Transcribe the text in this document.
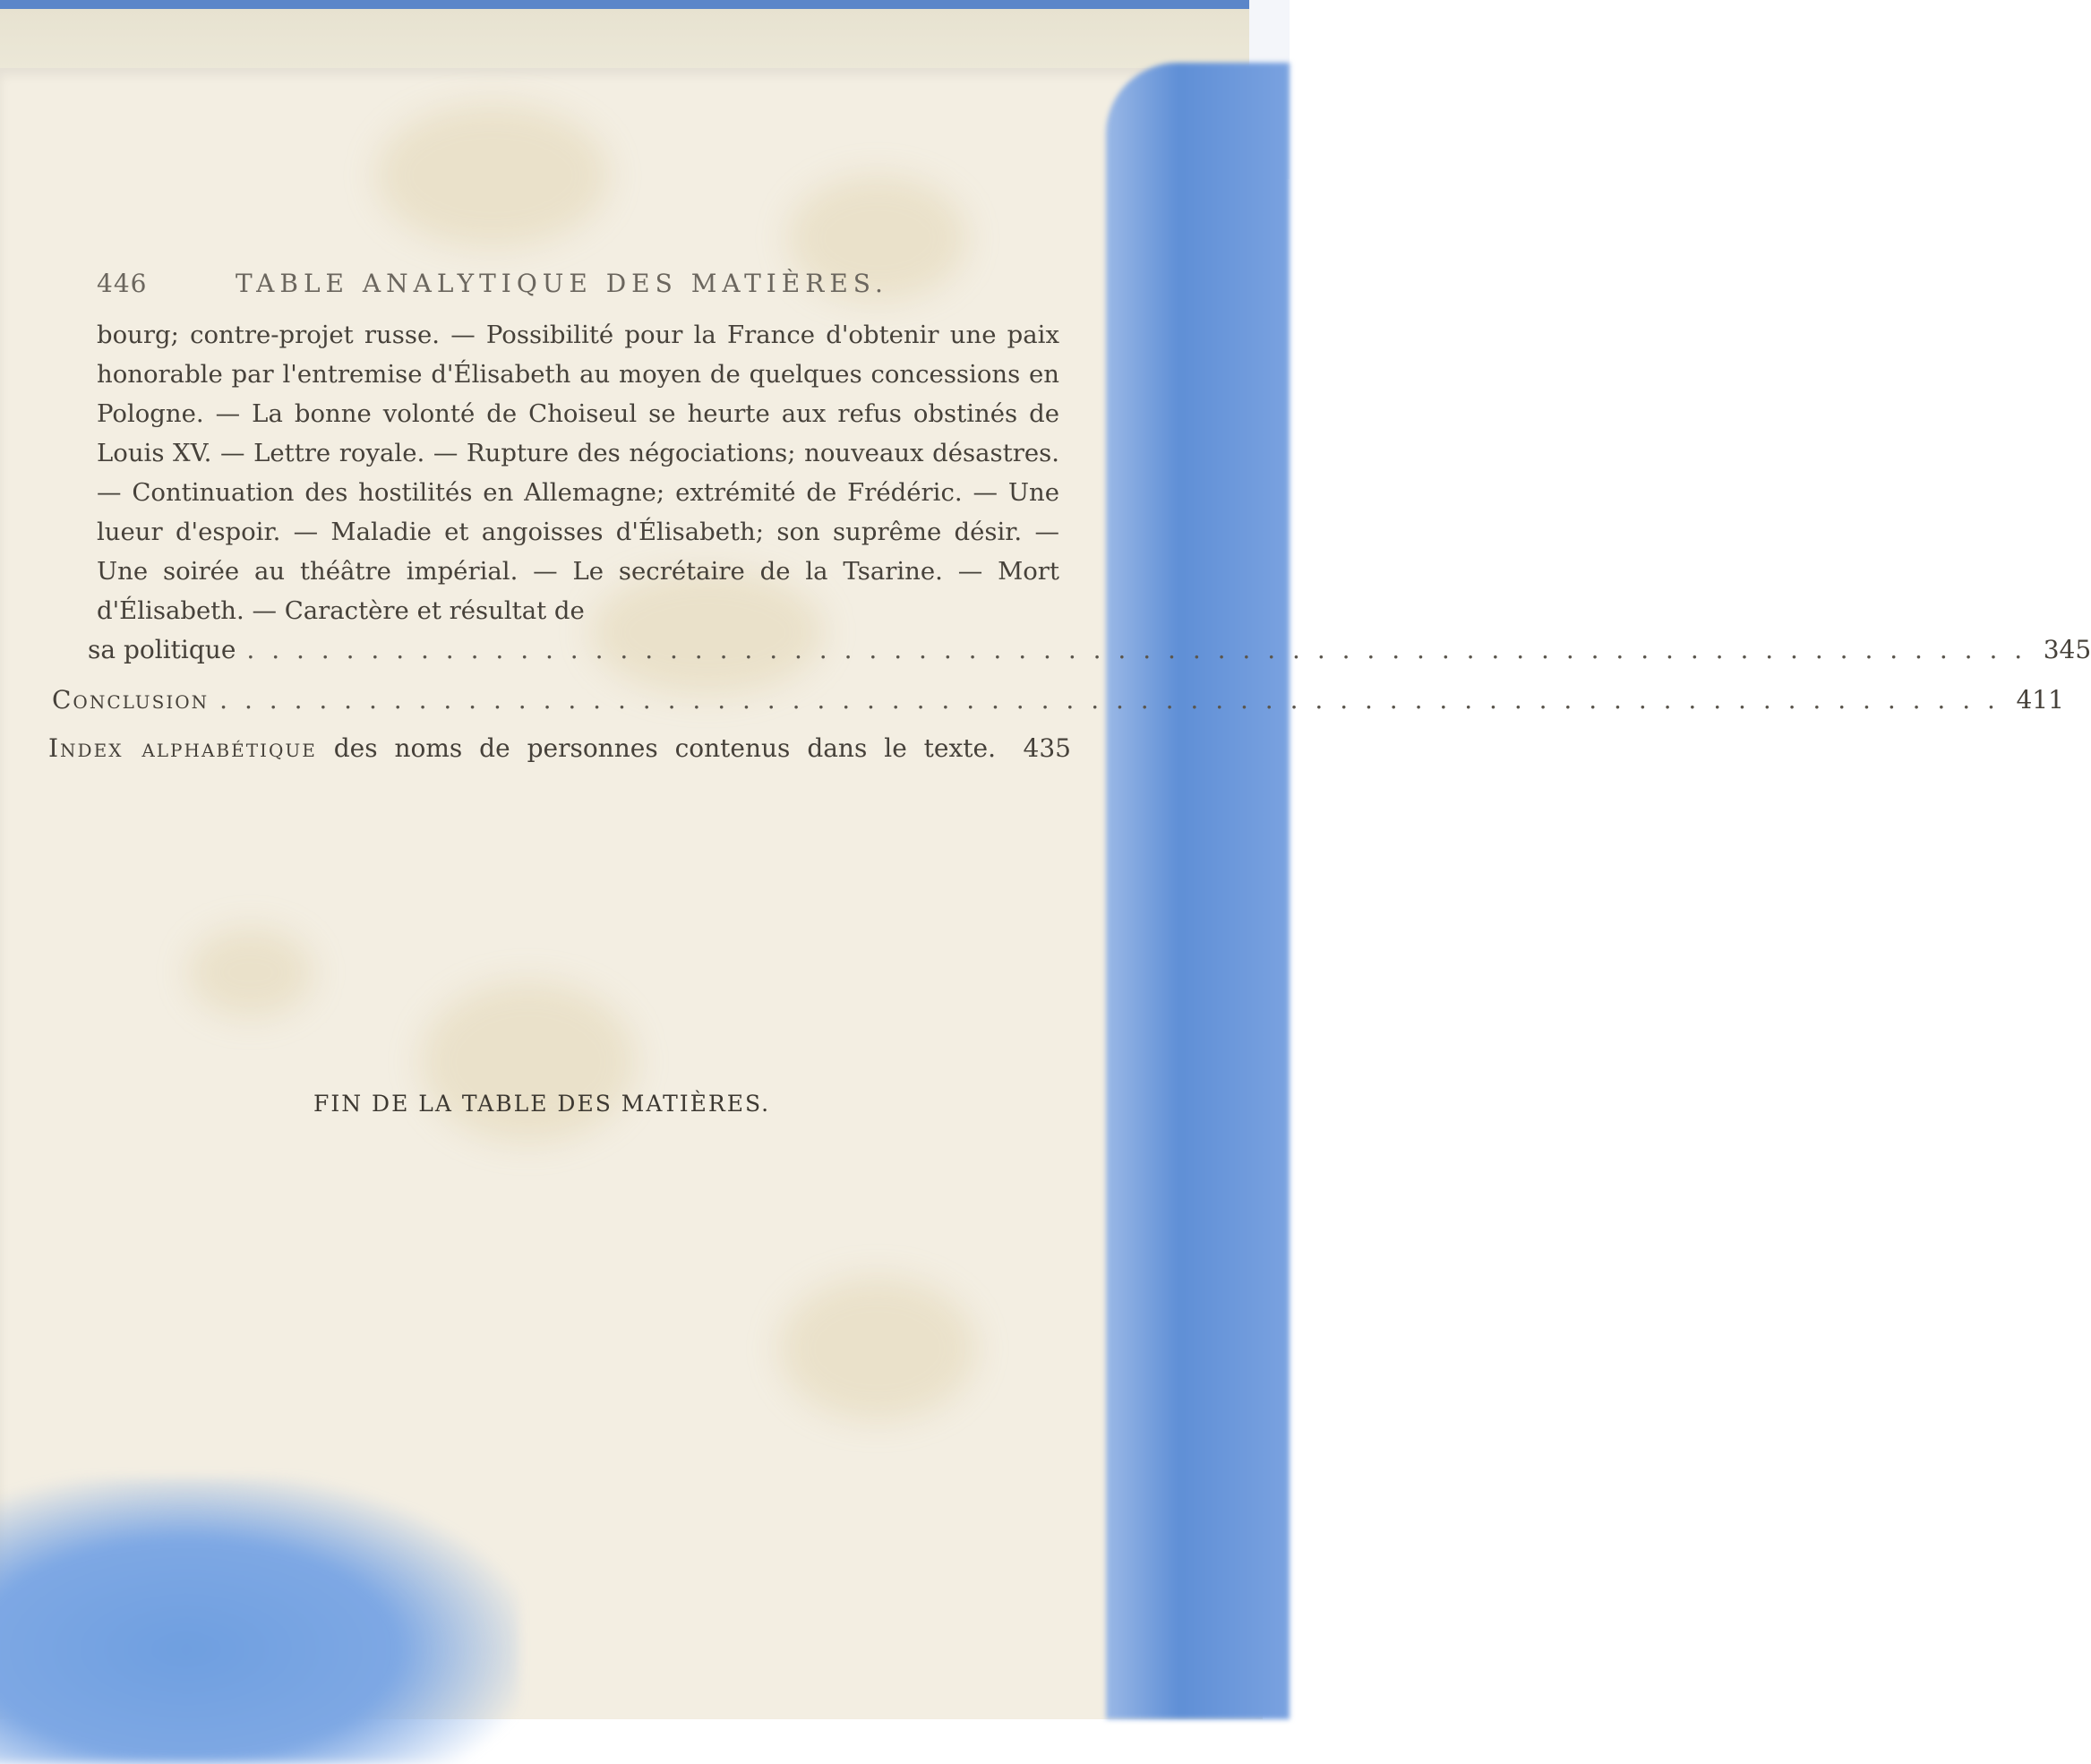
446	TABLE ANALYTIQUE DES MATIÈRES.

bourg; contre-projet russe. — Possibilité pour la France d'obtenir une paix honorable par l'entremise d'Élisabeth au moyen de quelques concessions en Pologne. — La bonne volonté de Choiseul se heurte aux refus obstinés de Louis XV. — Lettre royale. — Rupture des négociations; nouveaux désastres. — Continuation des hostilités en Allemagne; extrémité de Frédéric. — Une lueur d'espoir. — Maladie et angoisses d'Élisabeth; son suprême désir. — Une soirée au théâtre impérial. — Le secrétaire de la Tsarine. — Mort d'Élisabeth. — Caractère et résultat de

sa politique . . . . . . . . . . . . . . . . . . . . . . . . . . . . . . . . . . . . . . . . . . . . . . . . . . . . . . . . . . . . . . . . . . . . . . . . 345
Conclusion . . . . . . . . . . . . . . . . . . . . . . . . . . . . . . . . . . . . . . . . . . . . . . . . . . . . . . . . . . . . . . . . . . . . . . . . 411
Index alphabétique des noms de personnes contenus dans le texte. 435
FIN DE LA TABLE DES MATIÈRES.
